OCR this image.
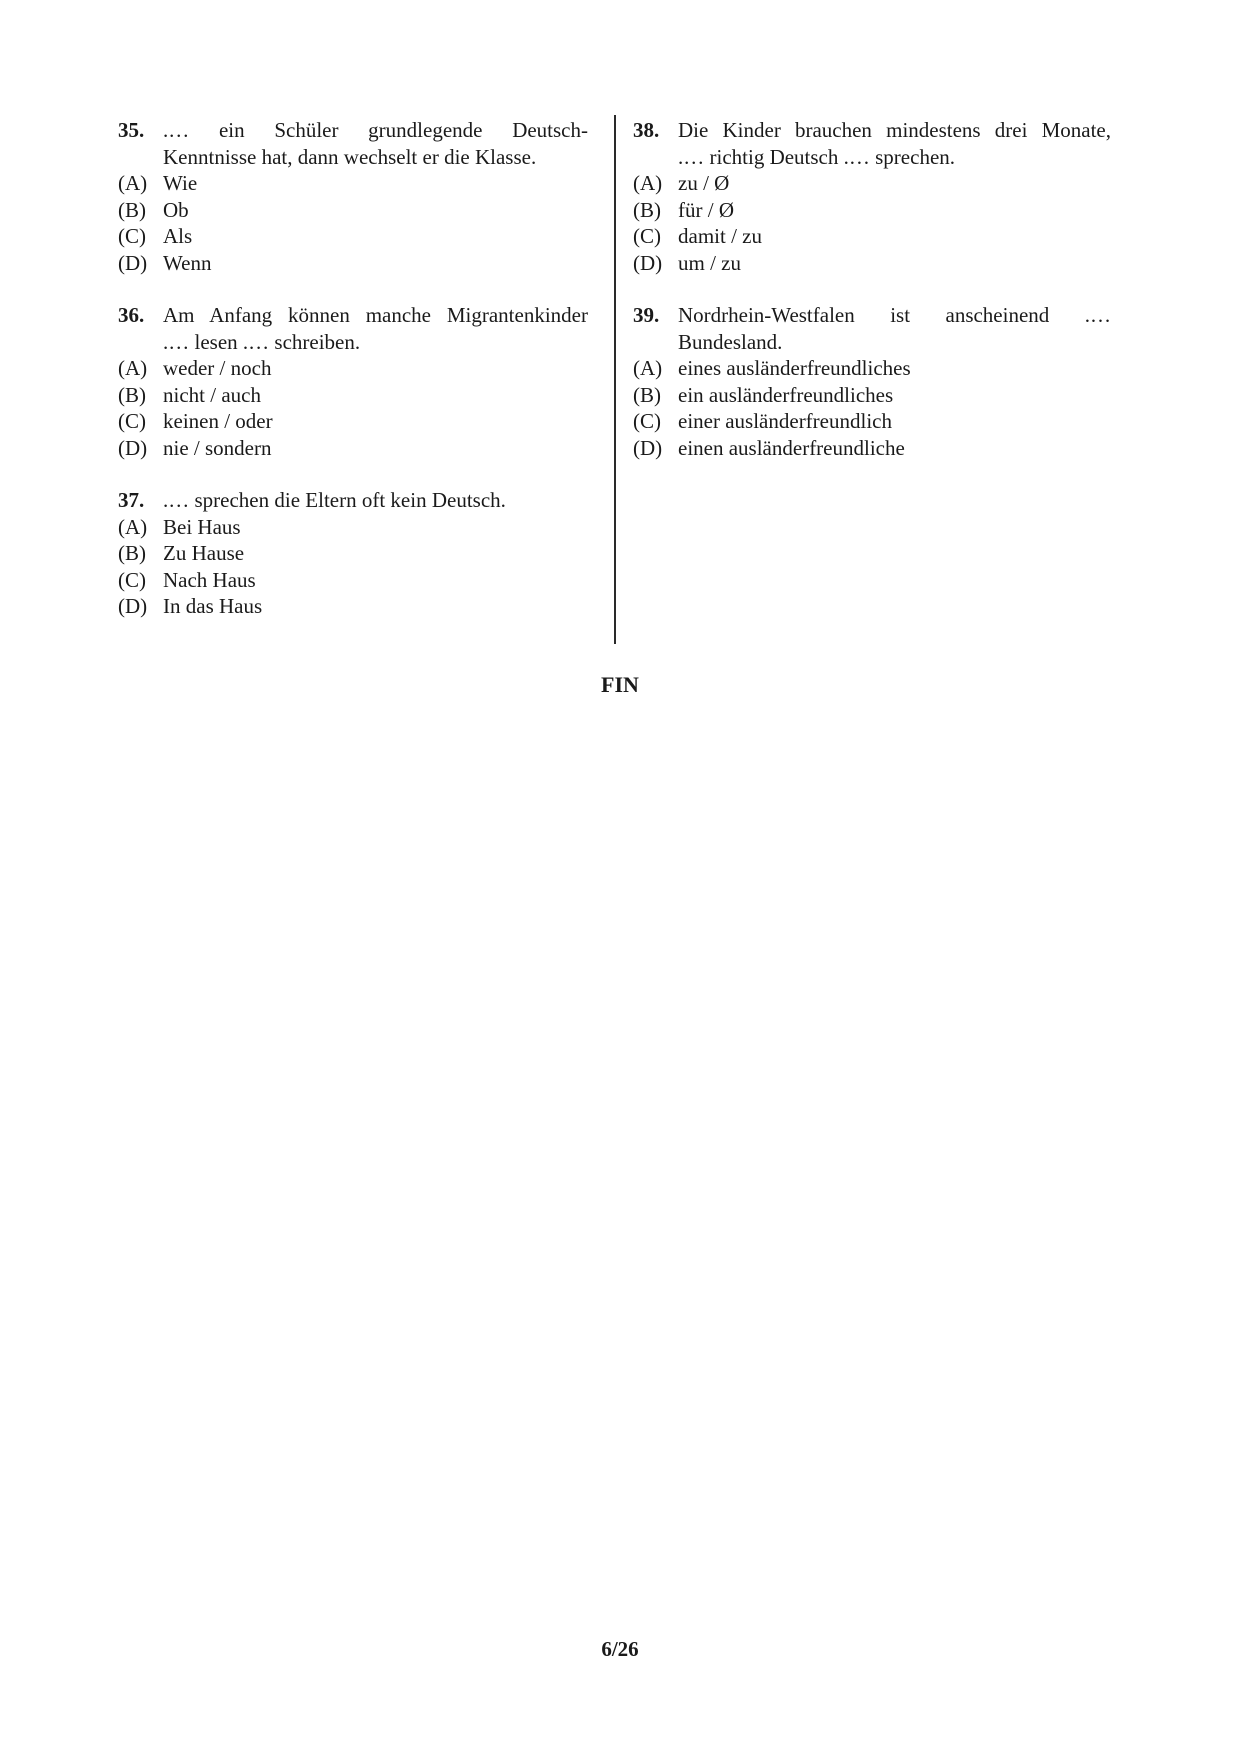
35. .… ein Schüler grundlegende Deutsch-
Kenntnisse hat, dann wechselt er die Klasse.
(A) Wie
(B) Ob
(C) Als
(D) Wenn
36. Am Anfang können manche Migrantenkinder
.… lesen .… schreiben.
(A) weder / noch
(B) nicht / auch
(C) keinen / oder
(D) nie / sondern
37. .… sprechen die Eltern oft kein Deutsch.
(A) Bei Haus
(B) Zu Hause
(C) Nach Haus
(D) In das Haus
38. Die Kinder brauchen mindestens drei Monate,
.… richtig Deutsch .… sprechen.
(A) zu / Ø
(B) für / Ø
(C) damit / zu
(D) um / zu
39. Nordrhein-Westfalen ist anscheinend .…
Bundesland.
(A) eines ausländerfreundliches
(B) ein ausländerfreundliches
(C) einer ausländerfreundlich
(D) einen ausländerfreundliche
FIN
6/26
